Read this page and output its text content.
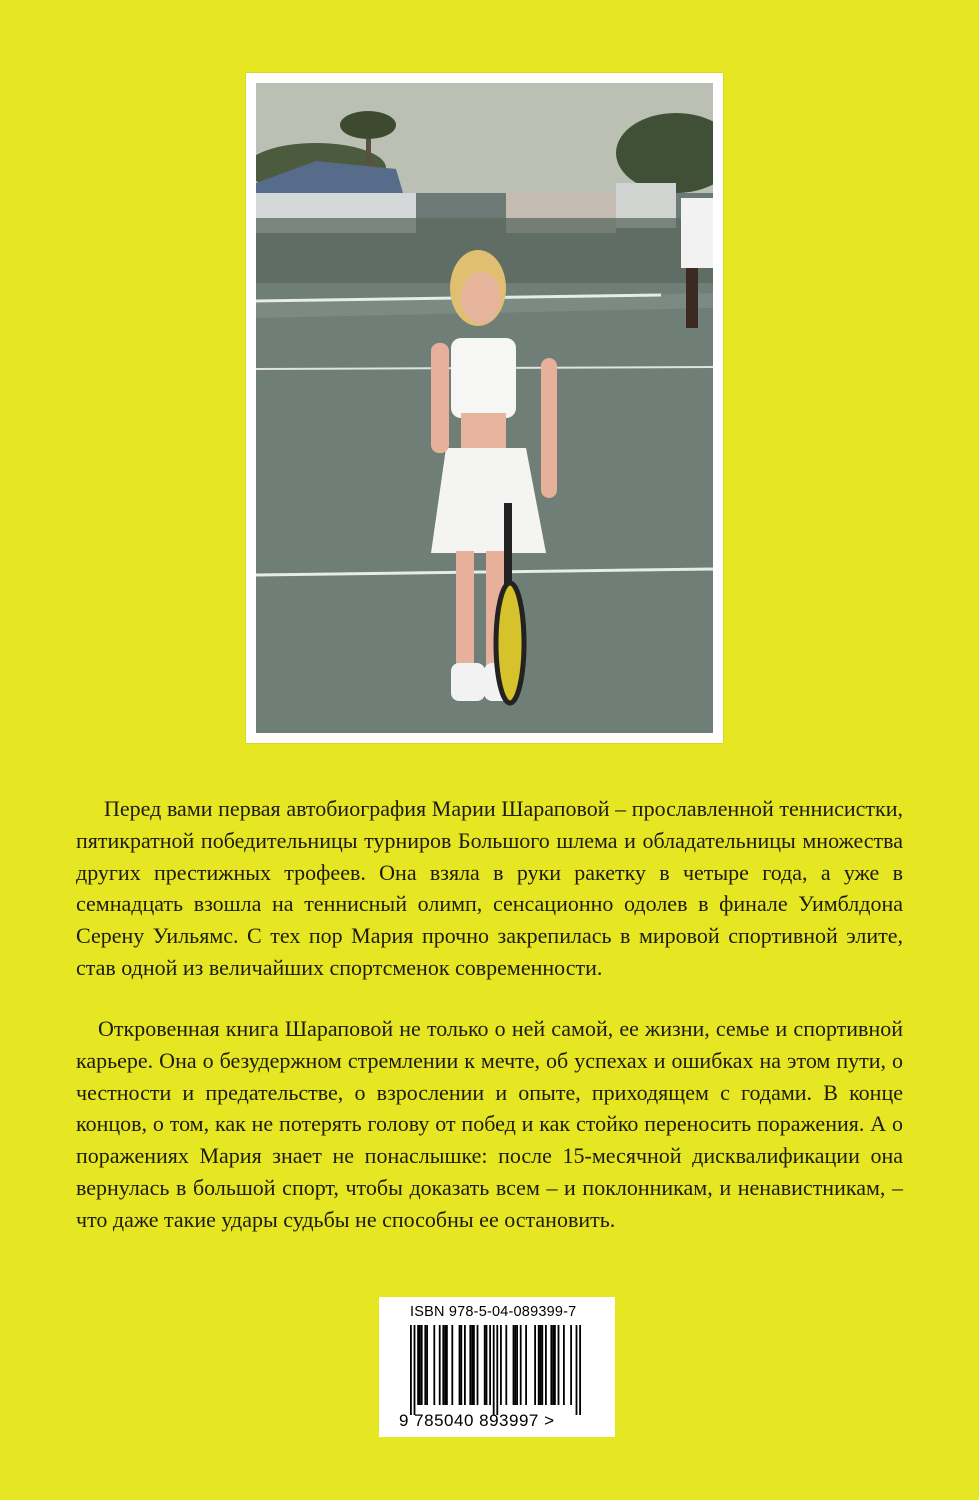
Перед вами первая автобиография Марии Шараповой – прославленной теннисистки, пятикратной победительницы турниров Большого шлема и обладательницы множества других престижных трофеев. Она взяла в руки ракетку в четыре года, а уже в семнадцать взошла на теннисный олимп, сенсационно одолев в финале Уимблдона Серену Уильямс. С тех пор Мария прочно закрепилась в мировой спортивной элите, став одной из величайших спортсменок современности.

Откровенная книга Шараповой не только о ней самой, ее жизни, семье и спортивной карьере. Она о безудержном стремлении к мечте, об успехах и ошибках на этом пути, о честности и предательстве, о взрослении и опыте, приходящем с годами. В конце концов, о том, как не потерять голову от побед и как стойко переносить поражения. А о поражениях Мария знает не понаслышке: после 15-месячной дисквалификации она вернулась в большой спорт, чтобы доказать всем – и поклонникам, и ненавистникам, – что даже такие удары судьбы не способны ее остановить.

ISBN 978-5-04-089399-7
9 785040 893997 >
